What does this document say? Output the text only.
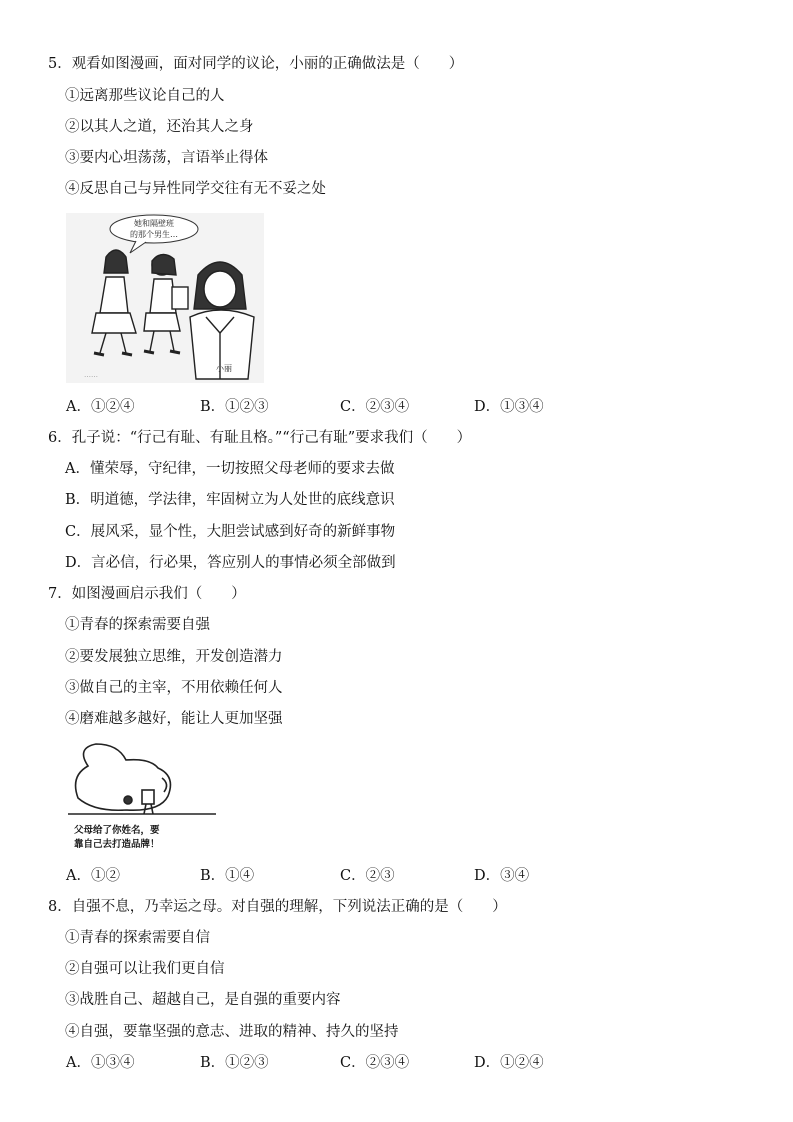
5．观看如图漫画，面对同学的议论，小丽的正确做法是（　　）
①远离那些议论自己的人
②以其人之道，还治其人之身
③要内心坦荡荡，言语举止得体
④反思自己与异性同学交往有无不妥之处
她和隔壁班
的那个男生…
小丽
……
A．①②④	B．①②③	C．②③④	D．①③④
6．孔子说：“行己有耻、有耻且格。”“行己有耻”要求我们（　　）
A．懂荣辱，守纪律，一切按照父母老师的要求去做
B．明道德，学法律，牢固树立为人处世的底线意识
C．展风采，显个性，大胆尝试感到好奇的新鲜事物
D．言必信，行必果，答应别人的事情必须全部做到
7．如图漫画启示我们（　　）
①青春的探索需要自强
②要发展独立思维，开发创造潜力
③做自己的主宰，不用依赖任何人
④磨难越多越好，能让人更加坚强
父母给了你姓名，要
靠自己去打造品牌！
A．①②	B．①④	C．②③	D．③④
8．自强不息，乃幸运之母。对自强的理解，下列说法正确的是（　　）
①青春的探索需要自信
②自强可以让我们更自信
③战胜自己、超越自己，是自强的重要内容
④自强，要靠坚强的意志、进取的精神、持久的坚持
A．①③④	B．①②③	C．②③④	D．①②④
